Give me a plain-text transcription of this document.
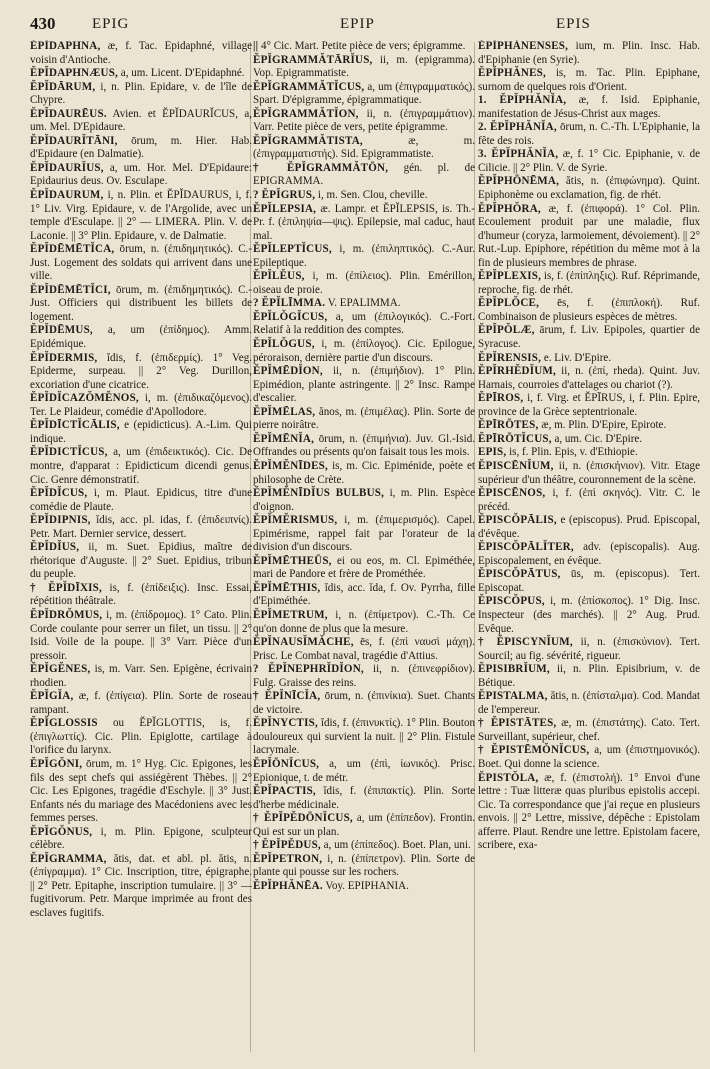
430 EPIG	EPIP	EPIS

ĔPĬDAPHNA, æ, f. Tac. Epidaphné, village voisin d'Antioche.

ĔPĬDAPHNÆUS, a, um. Licent. D'Epidaphné.

ĔPĬDĀRUM, i, n. Plin. Epidare, v. de l'île de Chypre.

ĔPĬDAURĒUS. Avien. et ĔPĬDAURĬCUS, a, um. Mel. D'Epidaure.

ĔPĬDAURĬTĀNI, ōrum, m. Hier. Hab. d'Epidaure (en Dalmatie).

ĔPĬDAURĬUS, a, um. Hor. Mel. D'Epidaure: Epidaurius deus. Ov. Esculape.

ĔPĬDAURUM, i, n. Plin. et ĔPĬDAURUS, i, f. 1° Liv. Virg. Epidaure, v. de l'Argolide, avec un temple d'Esculape. || 2° — LIMERA. Plin. V. de Laconie. || 3° Plin. Epidaure, v. de Dalmatie.

ĔPĬDĒMĒTĬCA, ōrum, n. (ἐπιδημητικός). C.-Just. Logement des soldats qui arrivent dans une ville.

ĔPĬDĒMĒTĬCI, ōrum, m. (ἐπιδημητικός). C.-Just. Officiers qui distribuent les billets de logement.

ĔPĬDĒMUS, a, um (ἐπίδημος). Amm. Epidémique.

ĔPĬDERMIS, ĭdis, f. (ἐπιδερμίς). 1° Veg. Epiderme, surpeau. || 2° Veg. Durillon, excoriation d'une cicatrice.

ĔPĬDĬCAZŎMĔNOS, i, m. (ἐπιδικαζόμενος). Ter. Le Plaideur, comédie d'Apollodore.

ĔPĬDĪCTĬCĀLIS, e (epidicticus). A.-Lim. Qui indique.

ĔPĬDICTĬCUS, a, um (ἐπιδεικτικός). Cic. De montre, d'apparat : Epidicticum dicendi genus. Cic. Genre démonstratif.

ĔPĬDĬCUS, i, m. Plaut. Epidicus, titre d'une comédie de Plaute.

ĔPĬDIPNIS, ĭdis, acc. pl. idas, f. (ἐπιδειπνίς). Petr. Mart. Dernier service, dessert.

ĔPĬDĬUS, ii, m. Suet. Epidius, maître de rhétorique d'Auguste. || 2° Suet. Epidius, tribun du peuple.

† ĔPĬDĪXIS, is, f. (ἐπίδειξις). Insc. Essai, répétition théâtrale.

ĔPĬDRŎMUS, i, m. (ἐπίδρομος). 1° Cato. Plin. Corde coulante pour serrer un filet, un tissu. || 2° Isid. Voile de la poupe. || 3° Varr. Pièce d'un pressoir.

ĔPĬGĔNES, is, m. Varr. Sen. Epigène, écrivain rhodien.

ĔPĬGĬA, æ, f. (ἐπίγεια). Plin. Sorte de roseau rampant.

ĔPĬGLOSSIS ou ĔPĬGLOTTIS, is, f. (ἐπιγλωττίς). Cic. Plin. Epiglotte, cartilage à l'orifice du larynx.

ĔPĬGŎNI, ōrum, m. 1° Hyg. Cic. Epigones, les fils des sept chefs qui assiégèrent Thèbes. || 2° Cic. Les Epigones, tragédie d'Eschyle. || 3° Just. Enfants nés du mariage des Macédoniens avec les femmes perses.

ĔPĬGŎNUS, i, m. Plin. Epigone, sculpteur célèbre.

ĔPĬGRAMMA, ătis, dat. et abl. pl. ătis, n. (ἐπίγραμμα). 1° Cic. Inscription, titre, épigraphe. || 2° Petr. Epitaphe, inscription tumulaire. || 3° — fugitivorum. Petr. Marque imprimée au front des esclaves fugitifs.

|| 4° Cic. Mart. Petite pièce de vers; épigramme.

ĔPĬGRAMMĂTĀRĬUS, ii, m. (epigramma). Vop. Epigrammatiste.

ĔPĬGRAMMĂTĬCUS, a, um (ἐπιγραμματικός). Spart. D'épigramme, épigrammatique.

ĔPĬGRAMMĂTĬON, ii, n. (ἐπιγραμμάτιον). Varr. Petite pièce de vers, petite épigramme.

ĔPĬGRAMMĂTISTA, æ, m. (ἐπιγραμματιστής). Sid. Epigrammatiste.

† ĔPĬGRAMMĂTŌN, gén. pl. de EPIGRAMMA.

? ĔPĬGRUS, i, m. Sen. Clou, cheville.

ĔPĬLEPSIA, æ. Lampr. et ĔPĬLEPSIS, is. Th.-Pr. f. (ἐπιληψία—ψις). Epilepsie, mal caduc, haut mal.

ĔPĬLEPTĬCUS, i, m. (ἐπιληπτικός). C.-Aur. Epileptique.

ĔPĬLĔUS, i, m. (ἐπίλειος). Plin. Emérillon, oiseau de proie.

? ĔPĬLĪMMA. V. EPALIMMA.

ĔPĬLŎGĬCUS, a, um (ἐπιλογικός). C.-Fort. Relatif à la reddition des comptes.

ĔPĬLŎGUS, i, m. (ἐπίλογος). Cic. Epilogue, péroraison, dernière partie d'un discours.

ĔPĬMĒDĬON, ii, n. (ἐπιμήδιον). 1° Plin. Epimédion, plante astringente. || 2° Insc. Rampe d'escalier.

ĔPĬMĒLAS, ănos, m. (ἐπιμέλας). Plin. Sorte de pierre noirâtre.

ĔPĬMĒNĬA, ōrum, n. (ἐπιμήνια). Juv. Gl.-Isid. Offrandes ou présents qu'on faisait tous les mois.

ĔPĬMĔNĪDES, is, m. Cic. Epiménide, poète et philosophe de Crète.

ĔPĬMĔNĪDĬUS BULBUS, i, m. Plin. Espèce d'oignon.

ĔPĬMĔRISMUS, i, m. (ἐπιμερισμός). Capel. Epimérisme, rappel fait par l'orateur de la division d'un discours.

ĔPĬMĒTHEŪS, ei ou eos, m. Cl. Epiméthée, mari de Pandore et frère de Prométhée.

ĔPĬMĒTHIS, ĭdis, acc. ĭda, f. Ov. Pyrrha, fille d'Epiméthée.

ĔPĬMETRUM, i, n. (ἐπίμετρον). C.-Th. Ce qu'on donne de plus que la mesure.

ĔPĬNAUSĬMĂCHE, ēs, f. (ἐπὶ ναυσὶ μάχη). Prisc. Le Combat naval, tragédie d'Attius.

? ĔPĬNEPHRĬDĬON, ii, n. (ἐπινεφρίδιον). Fulg. Graisse des reins.

† ĔPĬNĪCĬA, ōrum, n. (ἐπινίκια). Suet. Chants de victoire.

ĔPĬNYCTIS, ĭdis, f. (ἐπινυκτίς). 1° Plin. Bouton douloureux qui survient la nuit. || 2° Plin. Fistule lacrymale.

ĔPĬŌNĬCUS, a, um (ἐπὶ, ἰωνικός). Prisc. Epionique, t. de métr.

ĔPĬPACTIS, ĭdis, f. (ἐπιπακτίς). Plin. Sorte d'herbe médicinale.

† ĔPĬPĔDŌNĬCUS, a, um (ἐπίπεδον). Frontin. Qui est sur un plan.

† ĔPĬPĔDUS, a, um (ἐπίπεδος). Boet. Plan, uni.

ĔPĬPETRON, i, n. (ἐπίπετρον). Plin. Sorte de plante qui pousse sur les rochers.

ĔPĬPHĂNĒA. Voy. EPIPHANIA.

ĔPĬPHĂNENSES, ium, m. Plin. Insc. Hab. d'Epiphanie (en Syrie).

ĔPĬPHĂNES, is, m. Tac. Plin. Epiphane, surnom de quelques rois d'Orient.

1. ĔPĬPHĂNĬA, æ, f. Isid. Epiphanie, manifestation de Jésus-Christ aux mages.

2. ĔPĬPHĂNĬA, ōrum, n. C.-Th. L'Epiphanie, la fête des rois.

3. ĔPĬPHĂNĬA, æ, f. 1° Cic. Epiphanie, v. de Cilicie. || 2° Plin. V. de Syrie.

ĔPĬPHŌNĒMA, ătis, n. (ἐπιφώνημα). Quint. Epiphonème ou exclamation, fig. de rhét.

ĔPĬPHŎRA, æ, f. (ἐπιφορά). 1° Col. Plin. Ecoulement produit par une maladie, flux d'humeur (coryza, larmoiement, dévoiement). || 2° Rut.-Lup. Epiphore, répétition du même mot à la fin de plusieurs membres de phrase.

ĔPĬPLEXIS, is, f. (ἐπίπληξις). Ruf. Réprimande, reproche, fig. de rhét.

ĔPĬPLŎCE, ēs, f. (ἐπιπλοκή). Ruf. Combinaison de plusieurs espèces de mètres.

ĔPĬPŎLÆ, ārum, f. Liv. Epipoles, quartier de Syracuse.

ĔPĬRENSIS, e. Liv. D'Epire.

ĔPĬRHĔDĬUM, ii, n. (ἐπί, rheda). Quint. Juv. Harnais, courroies d'attelages ou chariot (?).

ĔPĪROS, i, f. Virg. et ĔPĪRUS, i, f. Plin. Epire, province de la Grèce septentrionale.

ĔPĪRŌTES, æ, m. Plin. D'Epire, Epirote.

ĔPĪRŌTĬCUS, a, um. Cic. D'Epire.

EPIS, is, f. Plin. Epis, v. d'Ethiopie.

ĔPISCĒNĬUM, ii, n. (ἐπισκήνιον). Vitr. Etage supérieur d'un théâtre, couronnement de la scène.

ĔPISCĒNOS, i, f. (ἐπὶ σκηνός). Vitr. C. le précéd.

ĔPISCŎPĀLIS, e (episcopus). Prud. Episcopal, d'évêque.

ĔPISCŎPĀLĬTER, adv. (episcopalis). Aug. Episcopalement, en évêque.

ĔPISCŎPĀTUS, ūs, m. (episcopus). Tert. Episcopat.

ĔPISCŎPUS, i, m. (ἐπίσκοπος). 1° Dig. Insc. Inspecteur (des marchés). || 2° Aug. Prud. Evêque.

† ĔPISCYNĬUM, ii, n. (ἐπισκύνιον). Tert. Sourcil; au fig. sévérité, rigueur.

ĔPISIBRĬUM, ii, n. Plin. Episibrium, v. de Bétique.

ĔPISTALMA, ătis, n. (ἐπίσταλμα). Cod. Mandat de l'empereur.

† ĔPISTĀTES, æ, m. (ἐπιστάτης). Cato. Tert. Surveillant, supérieur, chef.

† ĔPISTĒMŎNĬCUS, a, um (ἐπιστημονικός). Boet. Qui donne la science.

ĔPISTŎLA, æ, f. (ἐπιστολή). 1° Envoi d'une lettre : Tuæ litteræ quas pluribus epistolis accepi. Cic. Ta correspondance que j'ai reçue en plusieurs envois. || 2° Lettre, missive, dépêche : Epistolam afferre. Plaut. Rendre une lettre. Epistolam facere, scribere, exa-
